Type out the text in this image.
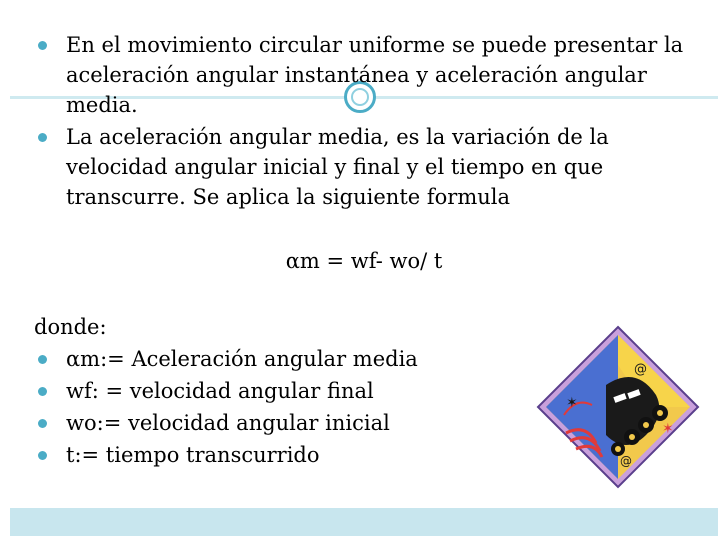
En el movimiento circular uniforme se puede presentar la aceleración angular instantánea y aceleración angular media.

La aceleración angular media, es la variación de la velocidad angular inicial y final y el tiempo en que transcurre. Se aplica la siguiente formula

αm = wf- wo/ t

donde:

αm:= Aceleración angular media

wf: = velocidad angular final

wo:= velocidad angular inicial

t:= tiempo transcurrido

✶
✶
@
@
